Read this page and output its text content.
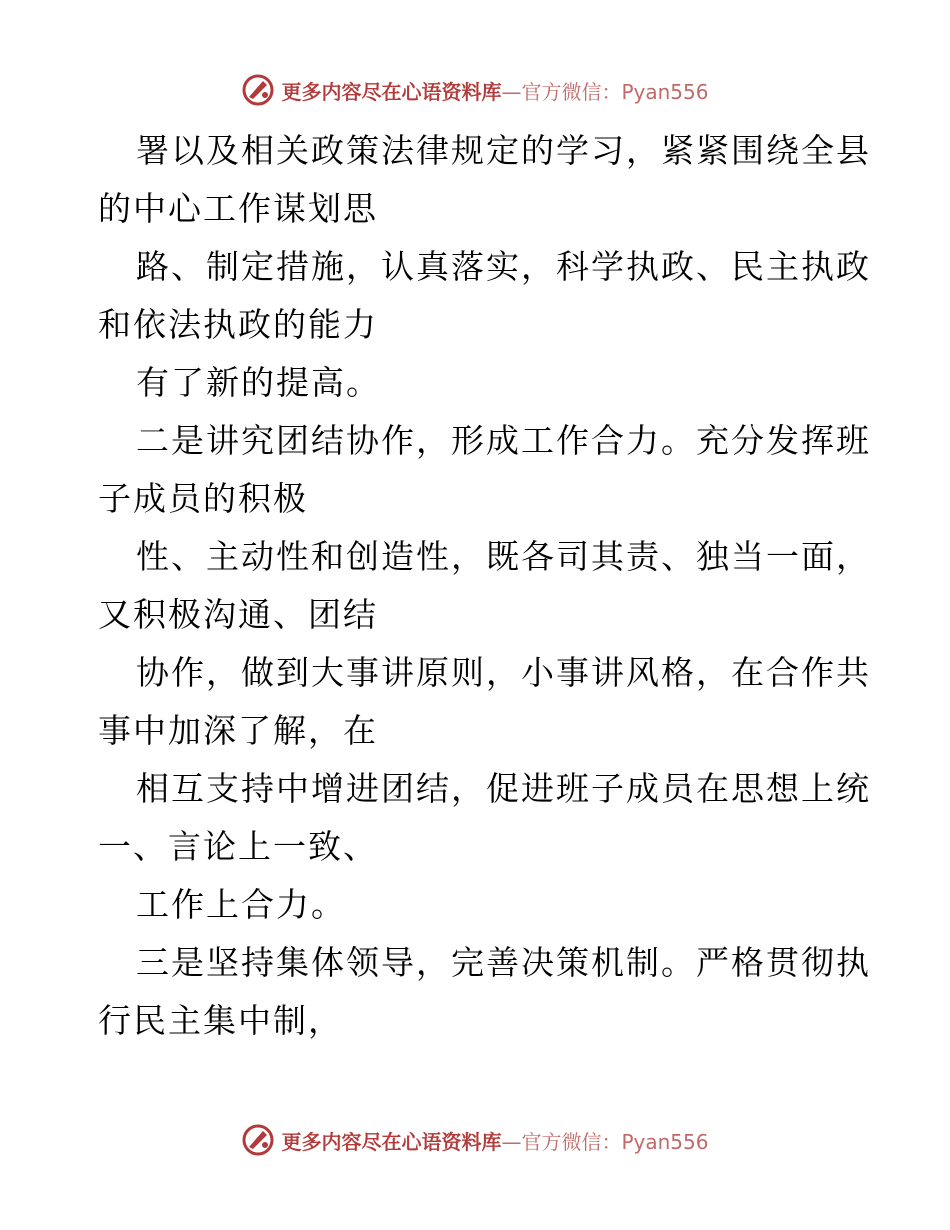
更多内容尽在心语资料库—官方微信：Pyan556

署以及相关政策法律规定的学习，紧紧围绕全县

的中心工作谋划思

路、制定措施，认真落实，科学执政、民主执政

和依法执政的能力

有了新的提高。

二是讲究团结协作，形成工作合力。充分发挥班

子成员的积极

性、主动性和创造性，既各司其责、独当一面，

又积极沟通、团结

协作，做到大事讲原则，小事讲风格，在合作共

事中加深了解，在

相互支持中增进团结，促进班子成员在思想上统

一、言论上一致、

工作上合力。

三是坚持集体领导，完善决策机制。严格贯彻执

行民主集中制，

更多内容尽在心语资料库—官方微信：Pyan556
